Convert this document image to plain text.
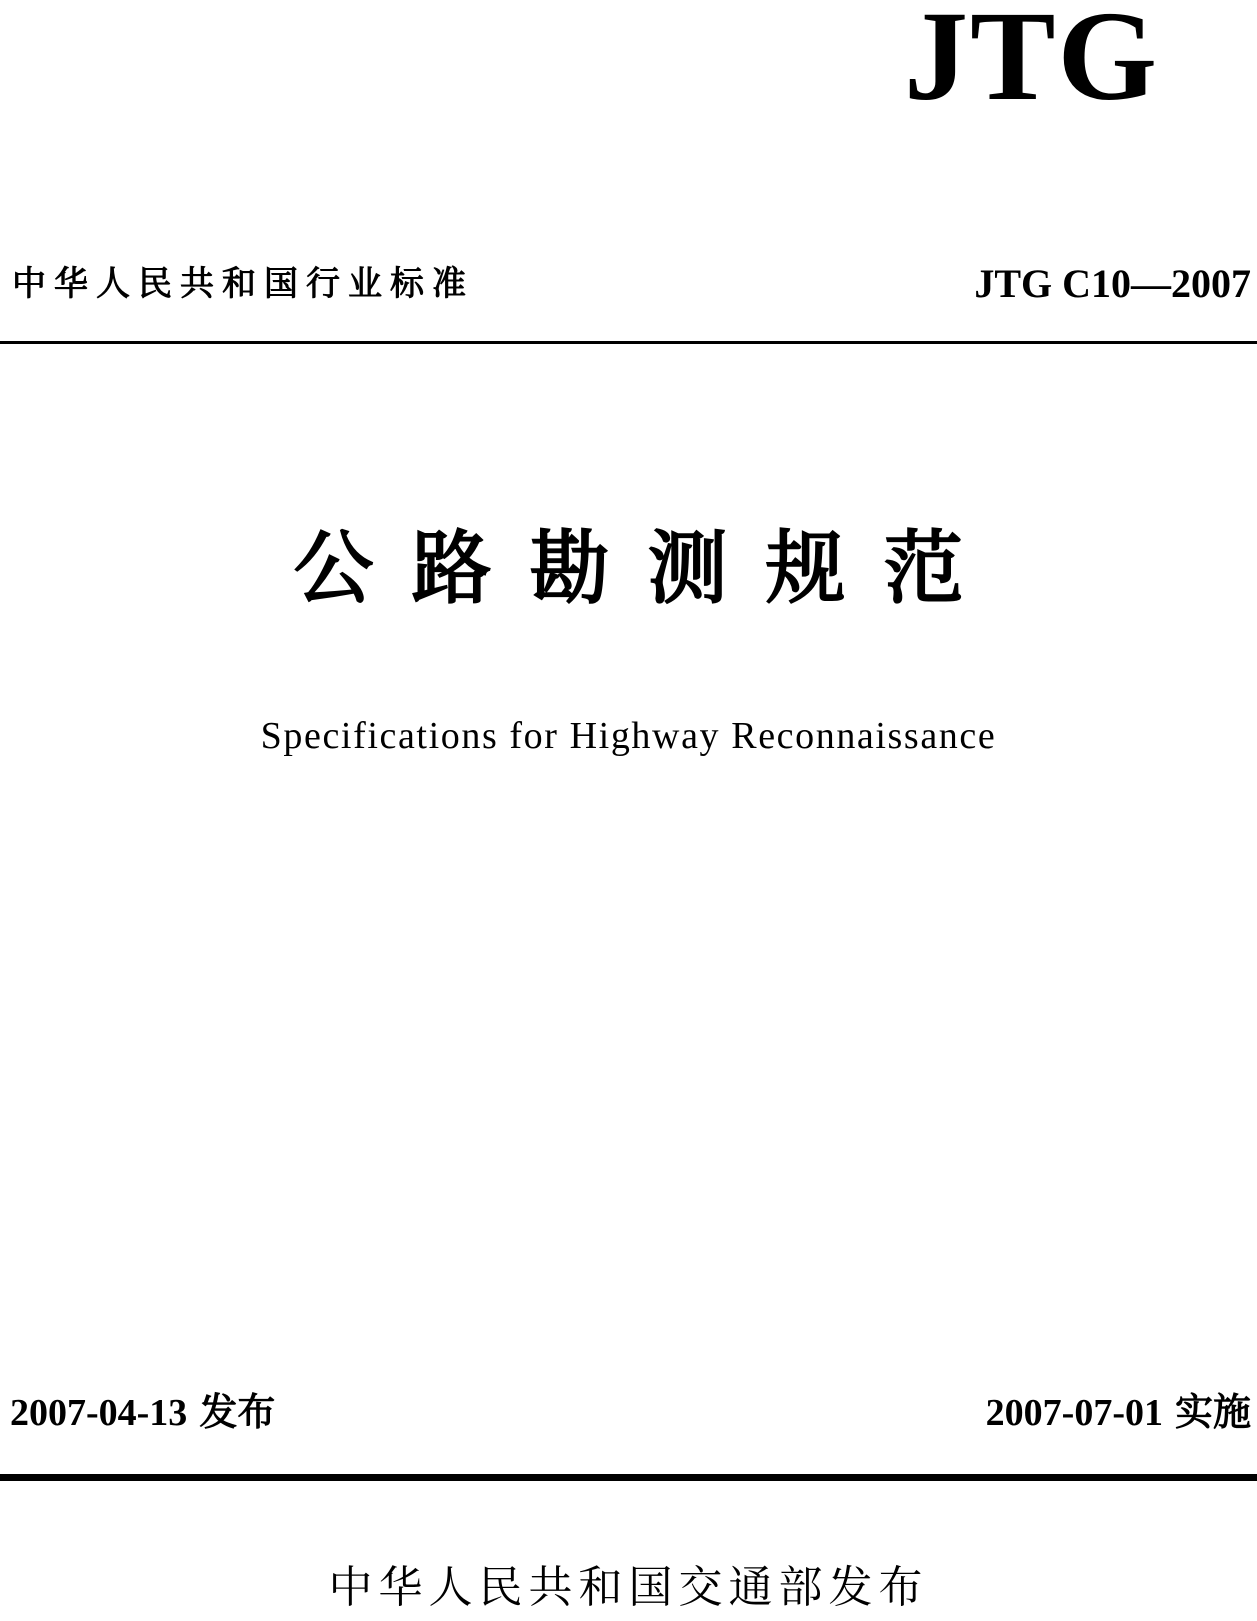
JTG
中华人民共和国行业标准	JTG C10—2007
公路勘测规范
Specifications for Highway Reconnaissance
2007-04-13 发布	2007-07-01 实施
中华人民共和国交通部发布
